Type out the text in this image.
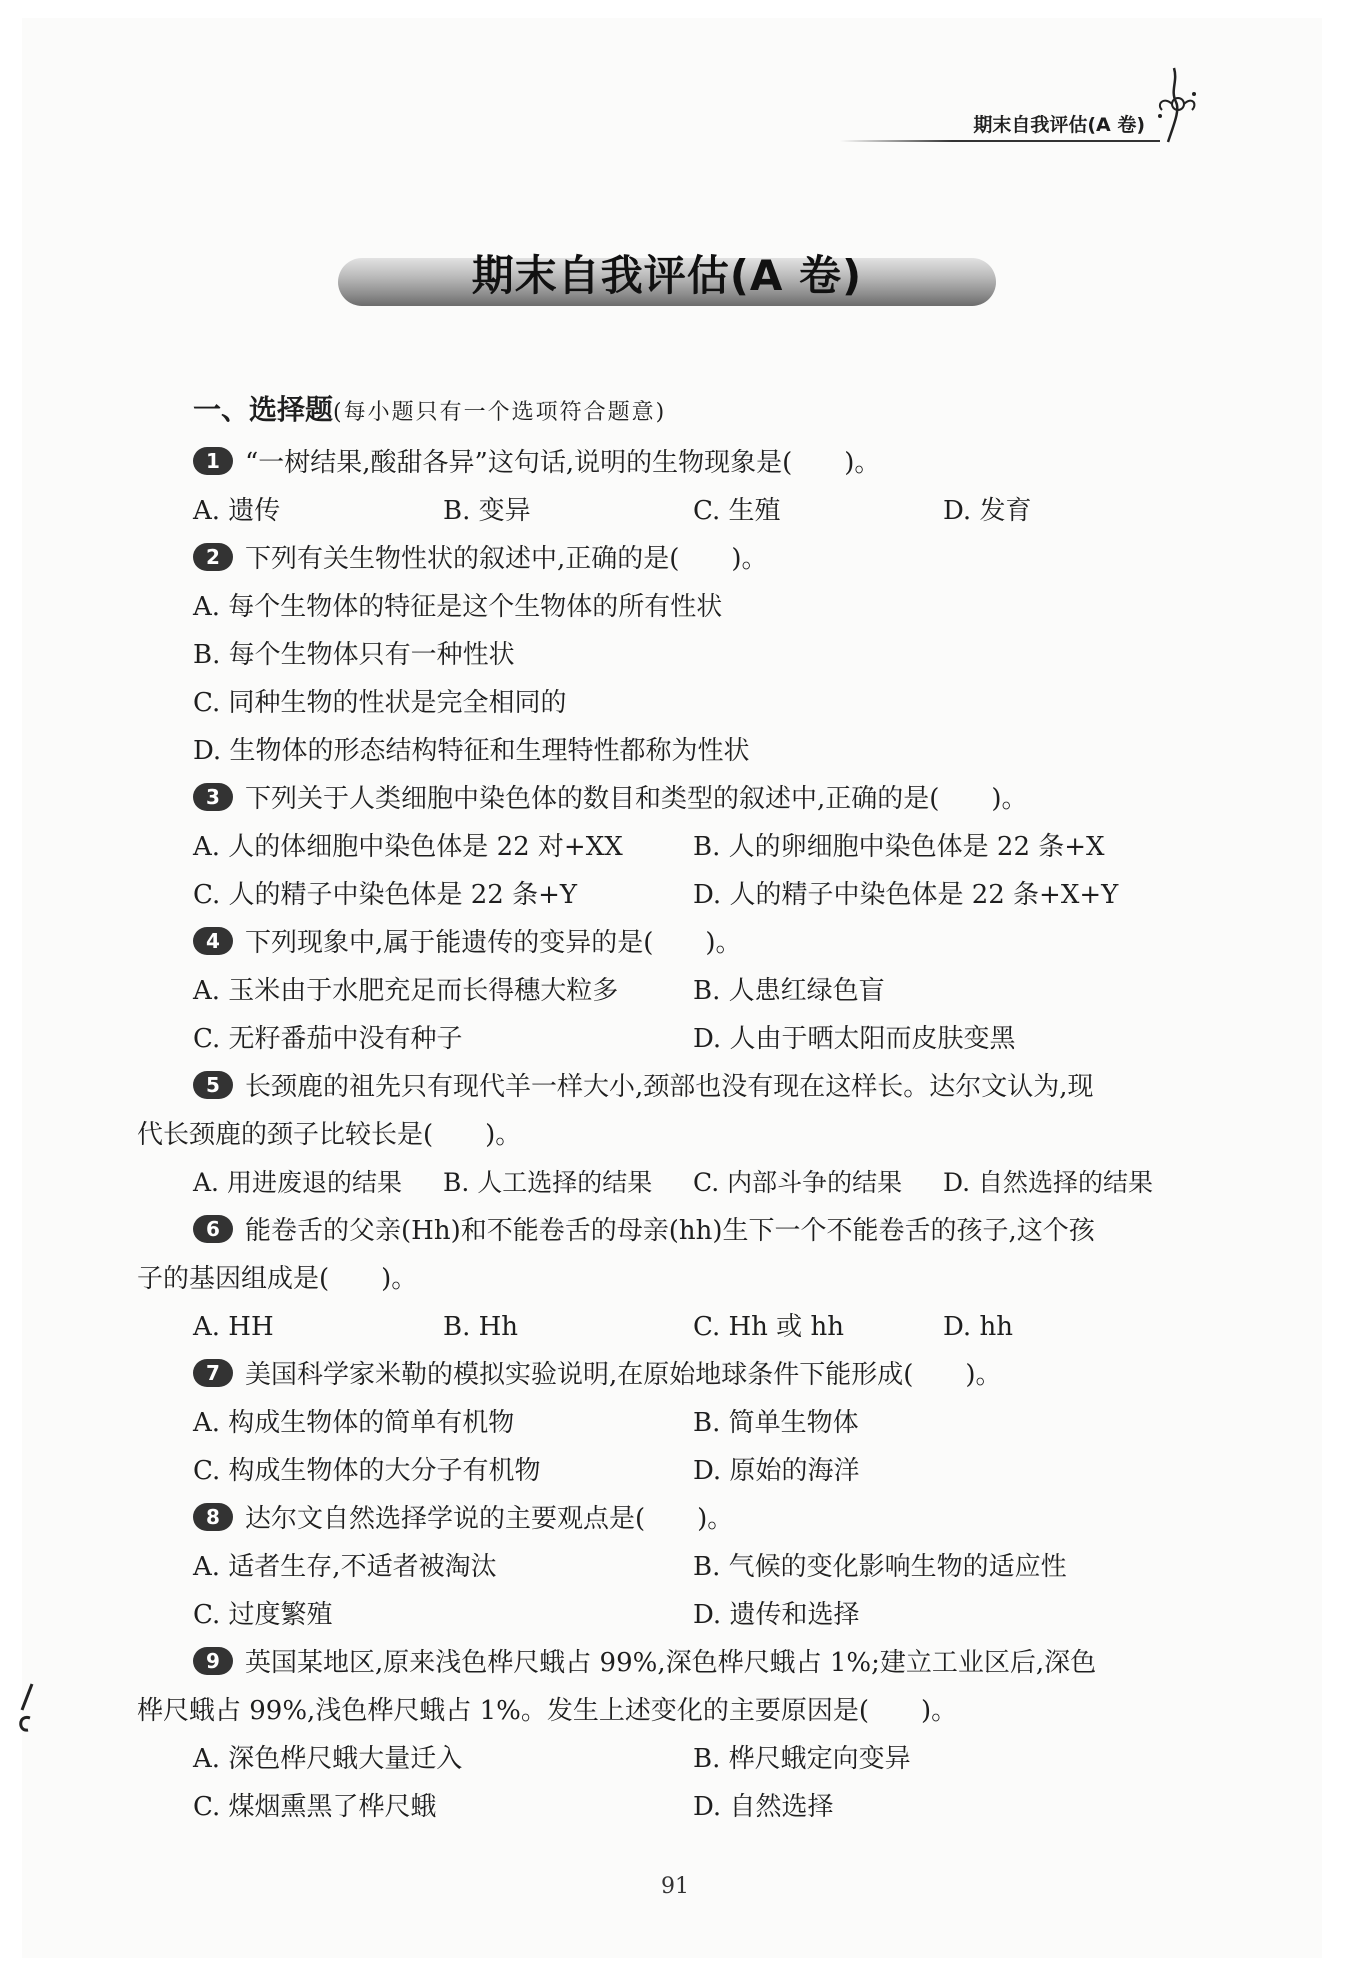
期末自我评估(A 卷)
期末自我评估(A 卷)
一、选择题(每小题只有一个选项符合题意)
1 “一树结果,酸甜各异”这句话,说明的生物现象是(　　)。
A. 遗传	B. 变异	C. 生殖	D. 发育
2 下列有关生物性状的叙述中,正确的是(　　)。
A. 每个生物体的特征是这个生物体的所有性状
B. 每个生物体只有一种性状
C. 同种生物的性状是完全相同的
D. 生物体的形态结构特征和生理特性都称为性状
3 下列关于人类细胞中染色体的数目和类型的叙述中,正确的是(　　)。
A. 人的体细胞中染色体是 22 对+XX	B. 人的卵细胞中染色体是 22 条+X
C. 人的精子中染色体是 22 条+Y	D. 人的精子中染色体是 22 条+X+Y
4 下列现象中,属于能遗传的变异的是(　　)。
A. 玉米由于水肥充足而长得穗大粒多	B. 人患红绿色盲
C. 无籽番茄中没有种子	D. 人由于晒太阳而皮肤变黑
5 长颈鹿的祖先只有现代羊一样大小,颈部也没有现在这样长。达尔文认为,现
代长颈鹿的颈子比较长是(　　)。
A. 用进废退的结果 B. 人工选择的结果 C. 内部斗争的结果 D. 自然选择的结果
6 能卷舌的父亲(Hh)和不能卷舌的母亲(hh)生下一个不能卷舌的孩子,这个孩
子的基因组成是(　　)。
A. HH	B. Hh	C. Hh 或 hh	D. hh
7 美国科学家米勒的模拟实验说明,在原始地球条件下能形成(　　)。
A. 构成生物体的简单有机物	B. 简单生物体
C. 构成生物体的大分子有机物	D. 原始的海洋
8 达尔文自然选择学说的主要观点是(　　)。
A. 适者生存,不适者被淘汰	B. 气候的变化影响生物的适应性
C. 过度繁殖	D. 遗传和选择
9 英国某地区,原来浅色桦尺蛾占 99%,深色桦尺蛾占 1%;建立工业区后,深色
桦尺蛾占 99%,浅色桦尺蛾占 1%。发生上述变化的主要原因是(　　)。
A. 深色桦尺蛾大量迁入	B. 桦尺蛾定向变异
C. 煤烟熏黑了桦尺蛾	D. 自然选择
91
